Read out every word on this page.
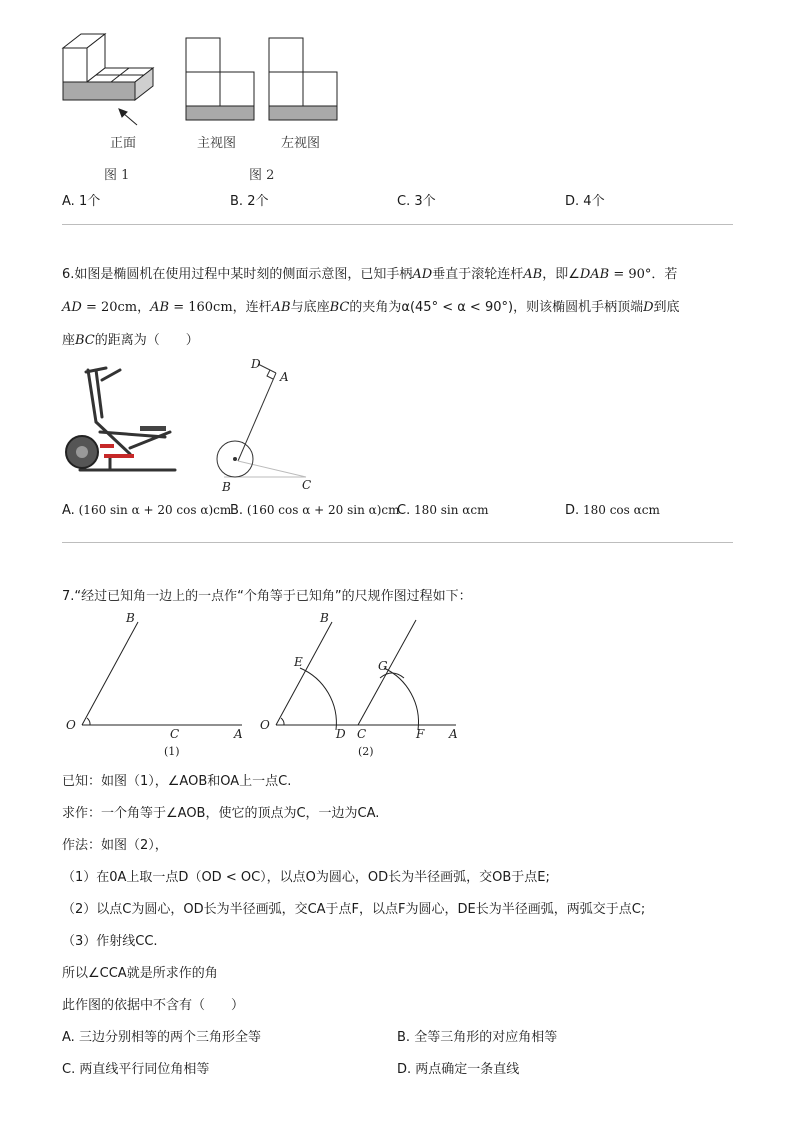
正面	主视图	左视图
图 1	图 2
A. 1个	B. 2个	C. 3个	D. 4个
6.如图是椭圆机在使用过程中某时刻的侧面示意图，已知手柄AD垂直于滚轮连杆AB，即∠DAB = 90°．若
AD = 20cm，AB = 160cm，连杆AB与底座BC的夹角为α(45° < α < 90°)，则该椭圆机手柄顶端D到底
座BC的距离为（　　）
D
A
B	C
A. (160 sin α + 20 cos α)cm
B. (160 cos α + 20 sin α)cm
C. 180 sin αcm	D. 180 cos αcm
7.“经过已知角一边上的一点作“个角等于已知角”的尺规作图过程如下：
O
B
C	A
(1)
O
B
E	G
D C	F A
(2)
已知：如图（1），∠AOB和OA上一点C.
求作：一个角等于∠AOB，使它的顶点为C，一边为CA.
作法：如图（2），
（1）在0A上取一点D（OD < OC），以点O为圆心，OD长为半径画弧，交OB于点E;
（2）以点C为圆心，OD长为半径画弧，交CA于点F，以点F为圆心，DE长为半径画弧，两弧交于点C;
（3）作射线CC.
所以∠CCA就是所求作的角
此作图的依据中不含有（　　）
A. 三边分别相等的两个三角形全等	B. 全等三角形的对应角相等
C. 两直线平行同位角相等	D. 两点确定一条直线
